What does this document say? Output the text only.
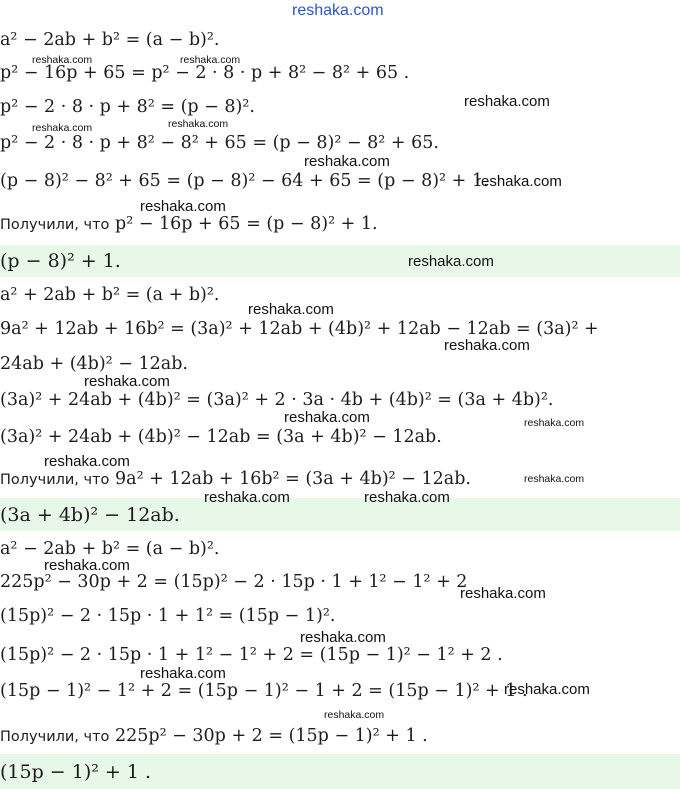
a² − 2ab + b² = (a − b)².
p² − 16p + 65 = p² − 2 · 8 · p + 8² − 8² + 65 .
p² − 2 · 8 · p + 8² = (p − 8)².
p² − 2 · 8 · p + 8² − 8² + 65 = (p − 8)² − 8² + 65.
(p − 8)² − 8² + 65 = (p − 8)² − 64 + 65 = (p − 8)² + 1.
Получили, что p² − 16p + 65 = (p − 8)² + 1.
(p − 8)² + 1.
a² + 2ab + b² = (a + b)².
9a² + 12ab + 16b² = (3a)² + 12ab + (4b)² + 12ab − 12ab = (3a)² +
24ab + (4b)² − 12ab.
(3a)² + 24ab + (4b)² = (3a)² + 2 · 3a · 4b + (4b)² = (3a + 4b)².
(3a)² + 24ab + (4b)² − 12ab = (3a + 4b)² − 12ab.
Получили, что 9a² + 12ab + 16b² = (3a + 4b)² − 12ab.
(3a + 4b)² − 12ab.
a² − 2ab + b² = (a − b)².
225p² − 30p + 2 = (15p)² − 2 · 15p · 1 + 1² − 1² + 2
(15p)² − 2 · 15p · 1 + 1² = (15p − 1)².
(15p)² − 2 · 15p · 1 + 1² − 1² + 2 = (15p − 1)² − 1² + 2 .
(15p − 1)² − 1² + 2 = (15p − 1)² − 1 + 2 = (15p − 1)² + 1 .
Получили, что 225p² − 30p + 2 = (15p − 1)² + 1 .
(15p − 1)² + 1 .
reshaka.com
reshaka.com	reshaka.com
reshaka.com
reshaka.com	reshaka.com
reshaka.com
reshaka.com
reshaka.com
reshaka.com
reshaka.com
reshaka.com
reshaka.com
reshaka.com	reshaka.com
reshaka.com
reshaka.com
reshaka.com	reshaka.com
reshaka.com
reshaka.com
reshaka.com
reshaka.com
reshaka.com
reshaka.com
